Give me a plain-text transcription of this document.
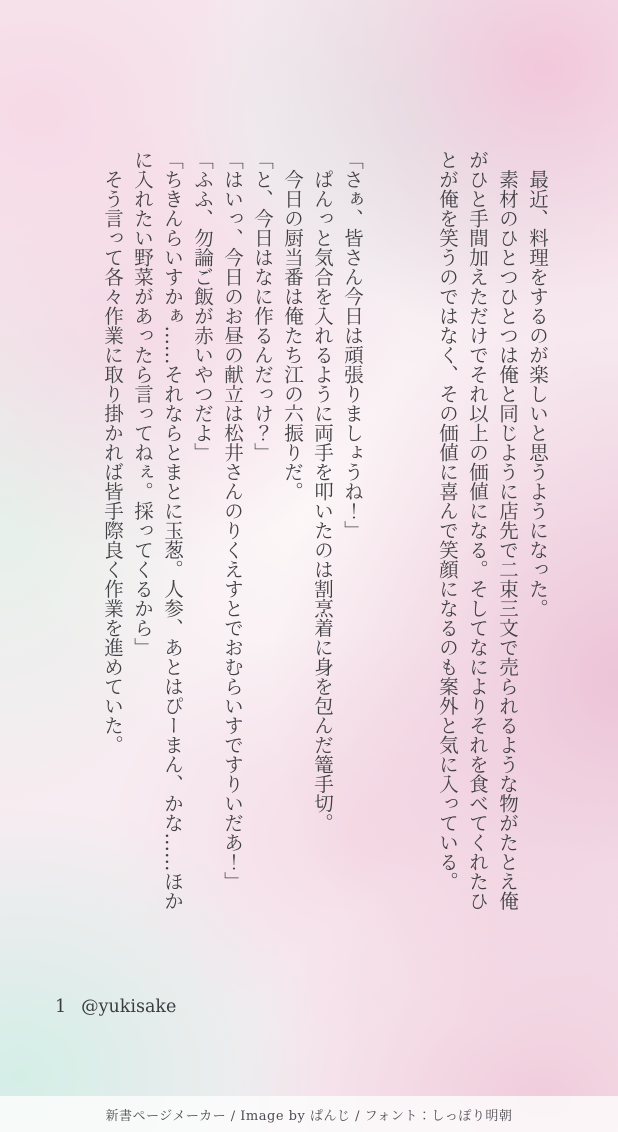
　最近、料理をするのが楽しいと思うようになった。

　素材のひとつひとつは俺と同じように店先で二束三文で売られるような物がたとえ俺がひと手間加えただけでそれ以上の価値になる。そしてなによりそれを食べてくれたひとが俺を笑うのではなく、その価値に喜んで笑顔になるのも案外と気に入っている。

「さぁ、皆さん今日は頑張りましょうね！」

　ぱんっと気合を入れるように両手を叩いたのは割烹着に身を包んだ篭手切。

　今日の厨当番は俺たち江の六振りだ。

「と、今日はなに作るんだっけ？」

「はいっ、今日のお昼の献立は松井さんのりくえすとでおむらいすですりいだあ！」

「ふふ、勿論ご飯が赤いやつだよ」

「ちきんらいすかぁ……それならとまとに玉葱。人参、あとはぴーまん、かな……ほかに入れたい野菜があったら言ってねぇ。採ってくるから」

　そう言って各々作業に取り掛かれば皆手際良く作業を進めていた。

1 @yukisake
新書ページメーカー / Image by ぱんじ / フォント：しっぽり明朝
